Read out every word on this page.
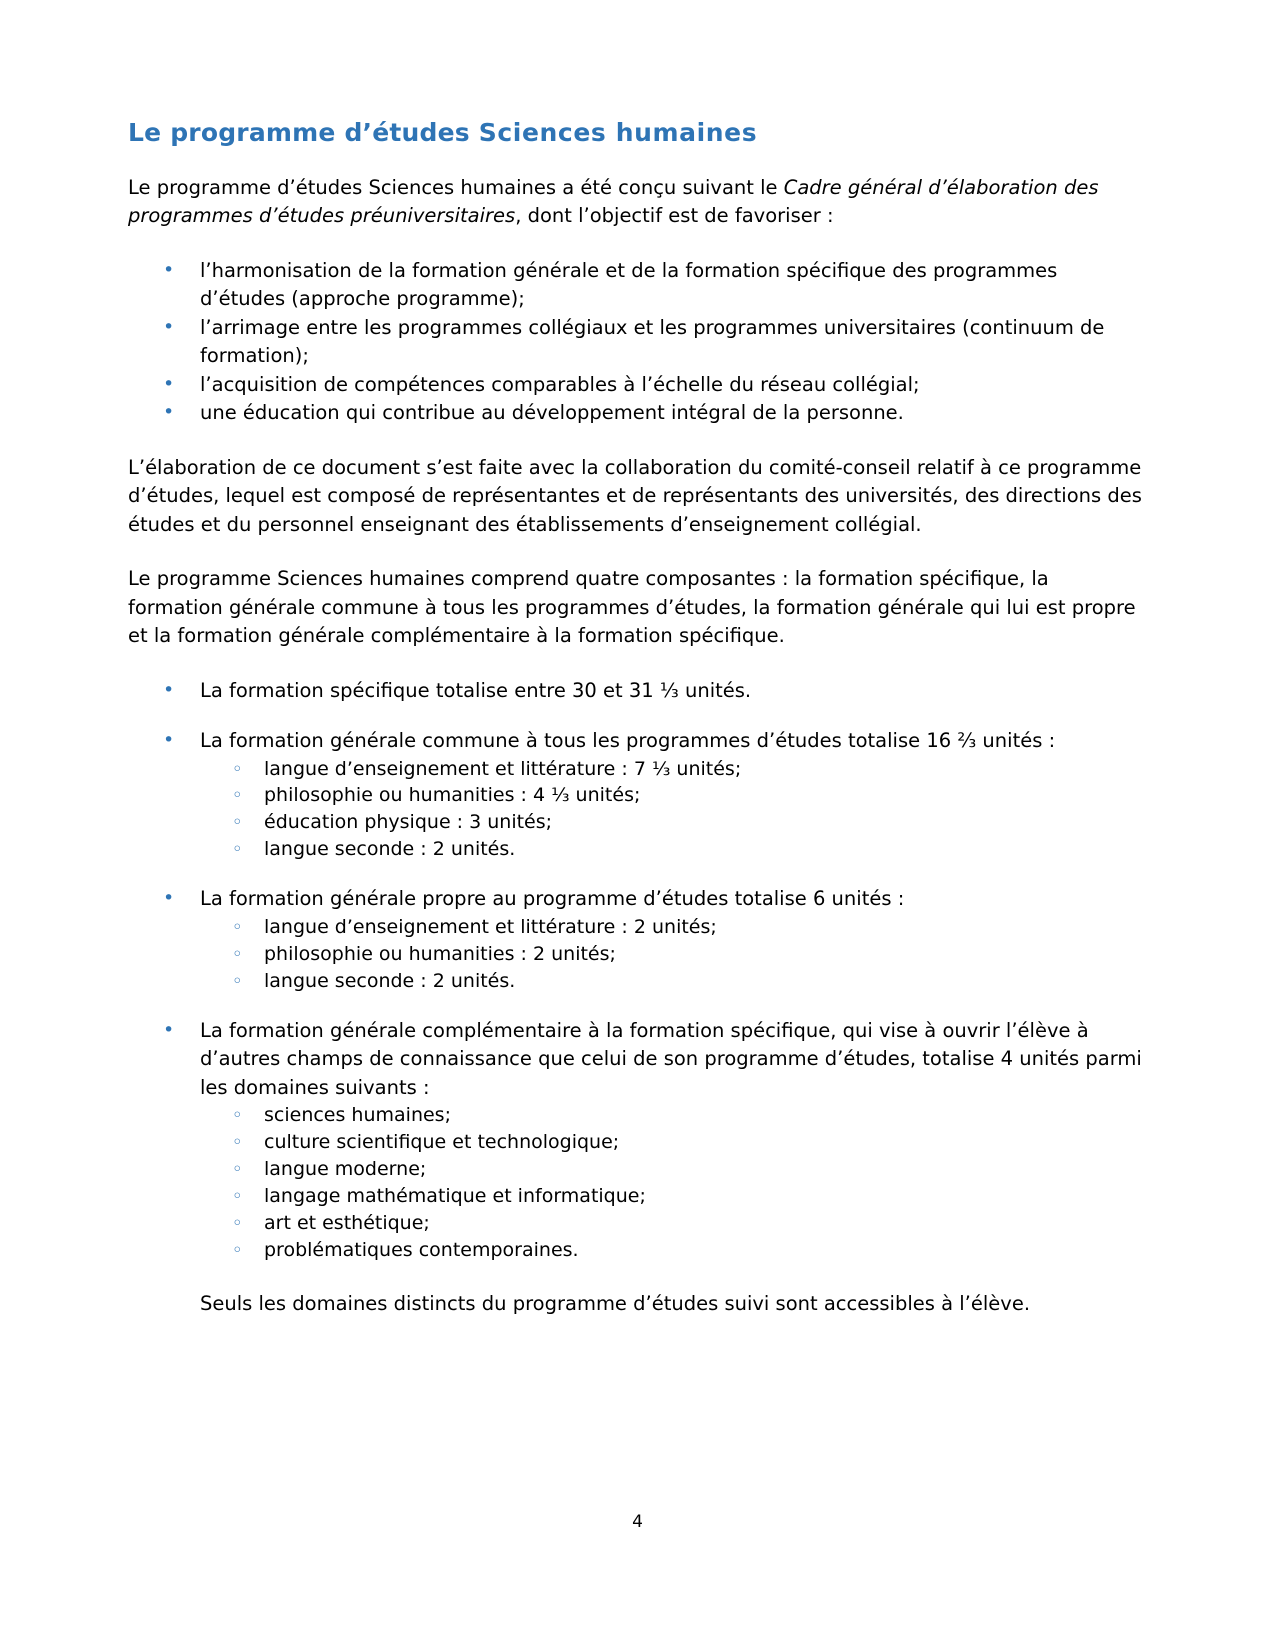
Le programme d’études Sciences humaines

Le programme d’études Sciences humaines a été conçu suivant le Cadre général d’élaboration des programmes d’études préuniversitaires, dont l’objectif est de favoriser :

• l’harmonisation de la formation générale et de la formation spécifique des programmes d’études (approche programme);
• l’arrimage entre les programmes collégiaux et les programmes universitaires (continuum de formation);
• l’acquisition de compétences comparables à l’échelle du réseau collégial;
• une éducation qui contribue au développement intégral de la personne.

L’élaboration de ce document s’est faite avec la collaboration du comité-conseil relatif à ce programme d’études, lequel est composé de représentantes et de représentants des universités, des directions des études et du personnel enseignant des établissements d’enseignement collégial.

Le programme Sciences humaines comprend quatre composantes : la formation spécifique, la formation générale commune à tous les programmes d’études, la formation générale qui lui est propre et la formation générale complémentaire à la formation spécifique.

• La formation spécifique totalise entre 30 et 31 ⅓ unités.
• La formation générale commune à tous les programmes d’études totalise 16 ⅔ unités :
◦ langue d’enseignement et littérature : 7 ⅓ unités;
◦ philosophie ou humanities : 4 ⅓ unités;
◦ éducation physique : 3 unités;
◦ langue seconde : 2 unités.
• La formation générale propre au programme d’études totalise 6 unités :
◦ langue d’enseignement et littérature : 2 unités;
◦ philosophie ou humanities : 2 unités;
◦ langue seconde : 2 unités.
• La formation générale complémentaire à la formation spécifique, qui vise à ouvrir l’élève à d’autres champs de connaissance que celui de son programme d’études, totalise 4 unités parmi les domaines suivants :
◦ sciences humaines;
◦ culture scientifique et technologique;
◦ langue moderne;
◦ langage mathématique et informatique;
◦ art et esthétique;
◦ problématiques contemporaines.
Seuls les domaines distincts du programme d’études suivi sont accessibles à l’élève.
4
